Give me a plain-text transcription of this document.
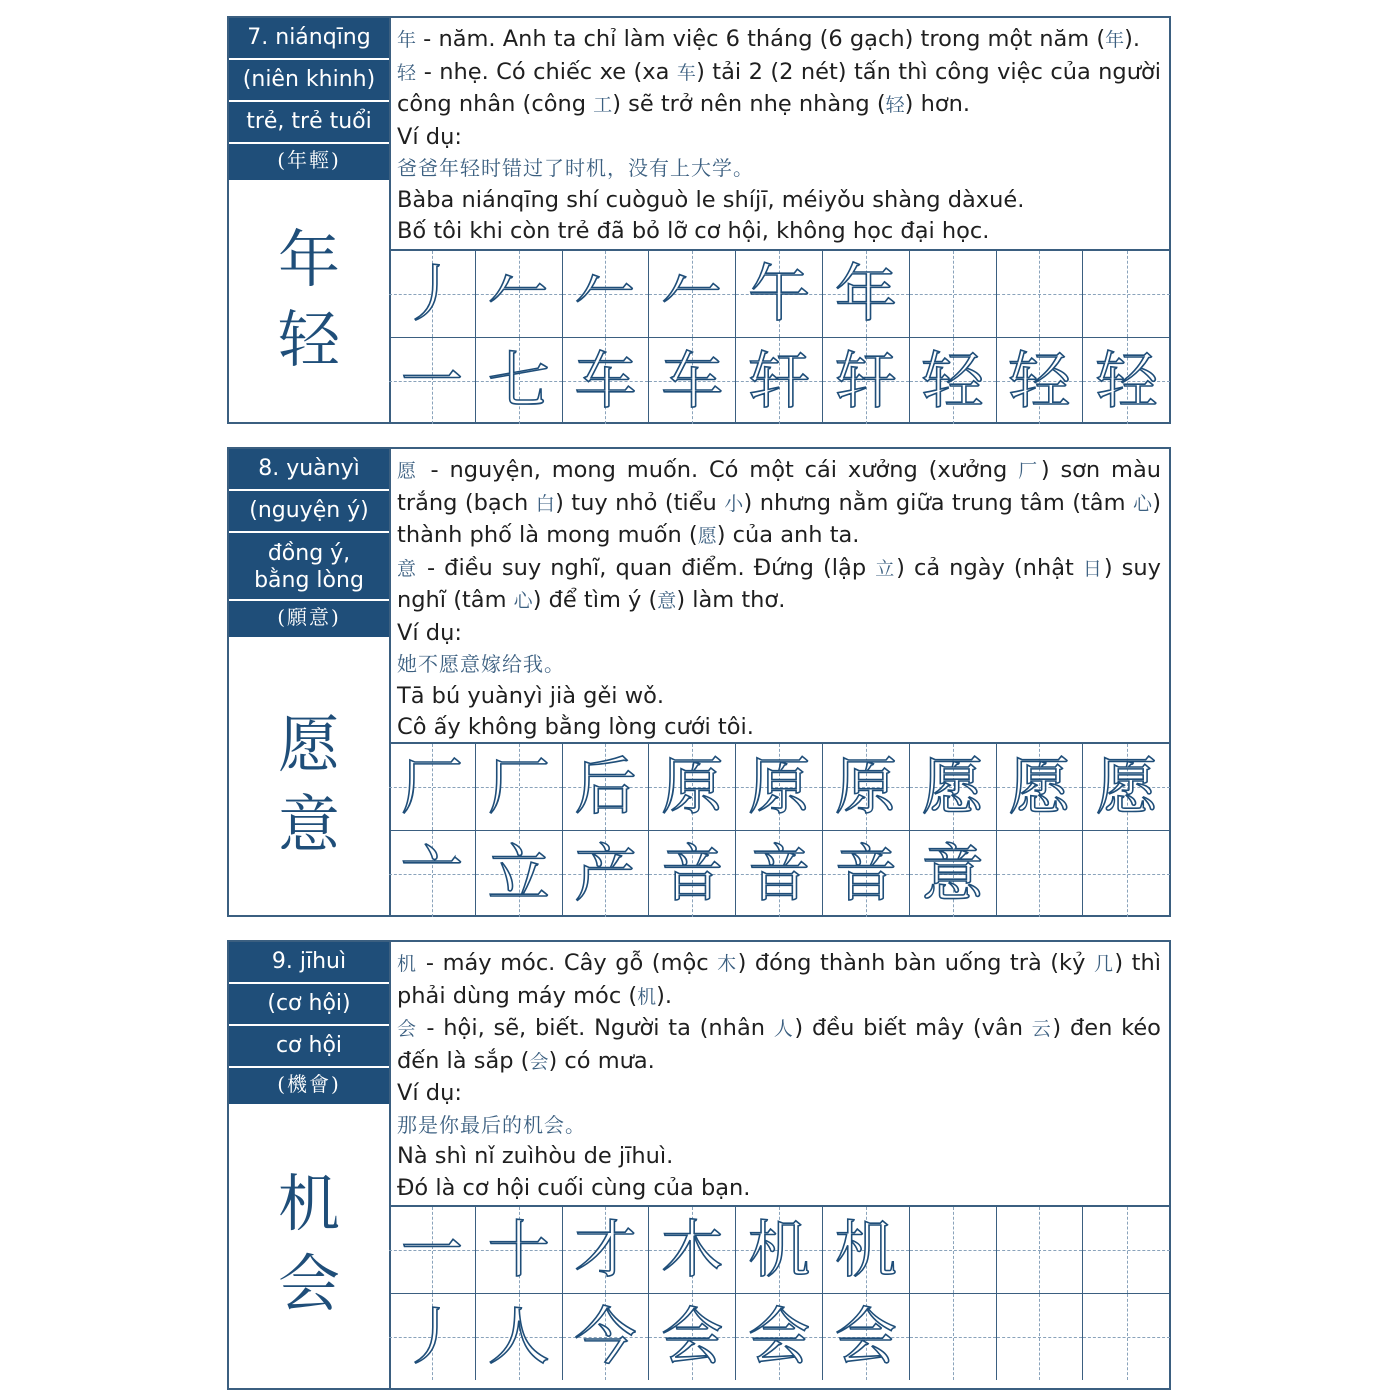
7. niánqīng
(niên khinh)
trẻ, trẻ tuổi
(年輕)
年
轻

年 - năm. Anh ta chỉ làm việc 6 tháng (6 gạch) trong một năm (年).

轻 - nhẹ. Có chiếc xe (xa 车) tải 2 (2 nét) tấn thì công việc của người công nhân (công 工) sẽ trở nên nhẹ nhàng (轻) hơn.

Ví dụ:

爸爸年轻时错过了时机，没有上大学。

Bàba niánqīng shí cuòguò le shíjī, méiyǒu shàng dàxué.

Bố tôi khi còn trẻ đã bỏ lỡ cơ hội, không học đại học.

丿 𠂉 𠂉 𠂉 午 年
一 七 车 车 轩 轩 轻 轻 轻
8. yuànyì
(nguyện ý)
đồng ý,
bằng lòng
(願意)
愿
意

愿 - nguyện, mong muốn. Có một cái xưởng (xưởng 厂) sơn màu trắng (bạch 白) tuy nhỏ (tiểu 小) nhưng nằm giữa trung tâm (tâm 心) thành phố là mong muốn (愿) của anh ta.

意 - điều suy nghĩ, quan điểm. Đứng (lập 立) cả ngày (nhật 日) suy nghĩ (tâm 心) để tìm ý (意) làm thơ.

Ví dụ:

她不愿意嫁给我。

Tā bú yuànyì jià gěi wǒ.

Cô ấy không bằng lòng cưới tôi.

厂 厂 后 原 原 原 愿 愿 愿
亠 立 产 音 音 音 意
9. jīhuì
(cơ hội)
cơ hội
(機會)
机
会

机 - máy móc. Cây gỗ (mộc 木) đóng thành bàn uống trà (kỷ 几) thì phải dùng máy móc (机).

会 - hội, sẽ, biết. Người ta (nhân 人) đều biết mây (vân 云) đen kéo đến là sắp (会) có mưa.

Ví dụ:

那是你最后的机会。

Nà shì nǐ zuìhòu de jīhuì.

Đó là cơ hội cuối cùng của bạn.

一 十 才 木 机 机
丿 人 今 会 会 会
